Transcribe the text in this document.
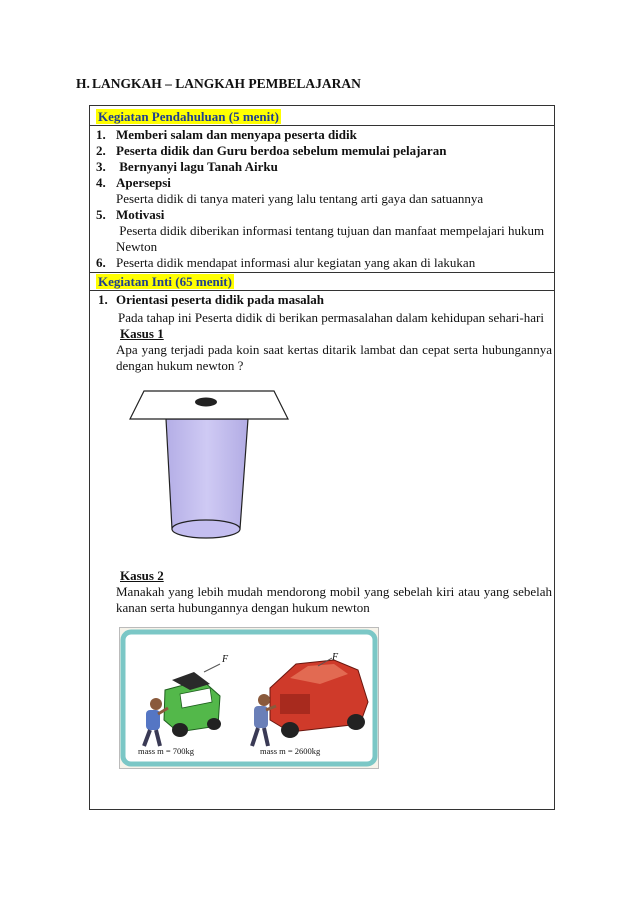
H. LANGKAH – LANGKAH PEMBELAJARAN
Kegiatan Pendahuluan (5 menit)
1. Memberi salam dan menyapa peserta didik
2. Peserta didik dan Guru berdoa sebelum memulai pelajaran
3. Bernyanyi lagu Tanah Airku
4. Apersepsi
Peserta didik di tanya materi yang lalu tentang arti gaya dan satuannya
5. Motivasi
Peserta didik diberikan informasi tentang tujuan dan manfaat mempelajari hukum Newton
6. Peserta didik mendapat informasi alur kegiatan yang akan di lakukan
Kegiatan Inti (65 menit)
1. Orientasi peserta didik pada masalah
Pada tahap ini Peserta didik di berikan permasalahan dalam kehidupan sehari-hari
Kasus 1
Apa yang terjadi pada koin saat kertas ditarik lambat dan cepat serta hubungannya dengan hukum newton ?
Kasus 2
Manakah yang lebih mudah mendorong mobil yang sebelah kiri atau yang sebelah kanan serta hubungannya dengan hukum newton
F	F
mass m = 700kg	mass m = 2600kg
